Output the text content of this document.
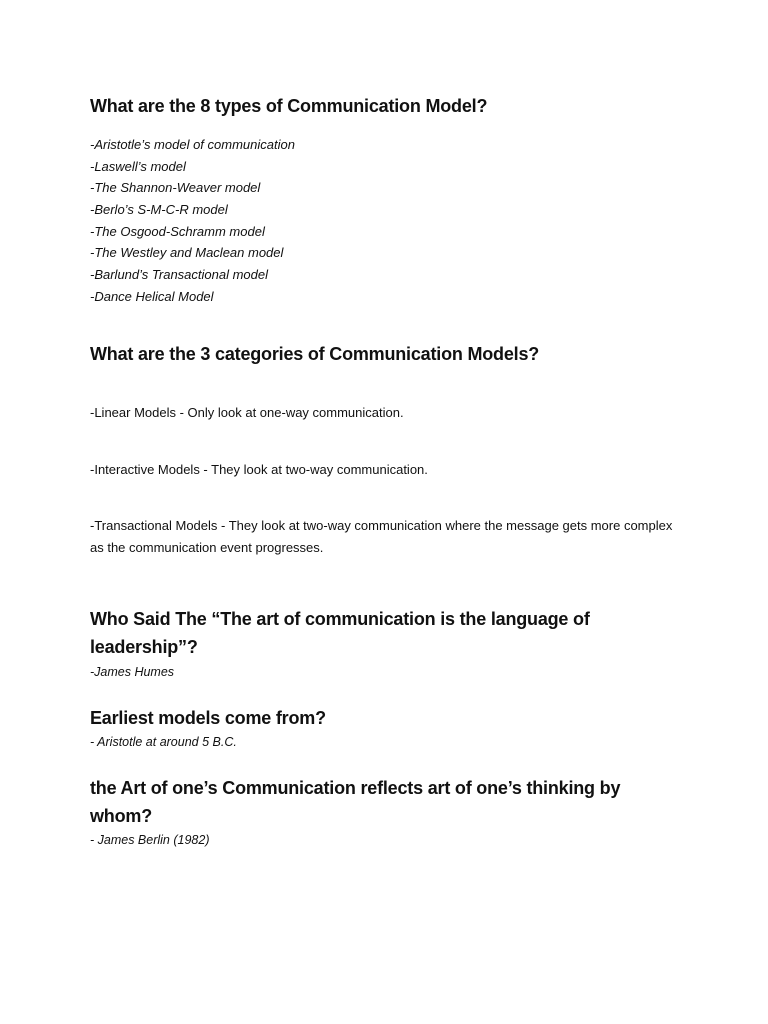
What are the 8 types of Communication Model?
-Aristotle’s model of communication
-Laswell’s model
-The Shannon-Weaver model
-Berlo’s S-M-C-R model
-The Osgood-Schramm model
-The Westley and Maclean model
-Barlund’s Transactional model
-Dance Helical Model
What are the 3 categories of Communication Models?

-Linear Models - Only look at one-way communication.

-Interactive Models - They look at two-way communication.

-Transactional Models - They look at two-way communication where the message gets more complex as the communication event progresses.

Who Said The “The art of communication is the language of leadership”?

-James Humes

Earliest models come from?

- Aristotle at around 5 B.C.

the Art of one’s Communication reflects art of one’s thinking by whom?

- James Berlin (1982)
